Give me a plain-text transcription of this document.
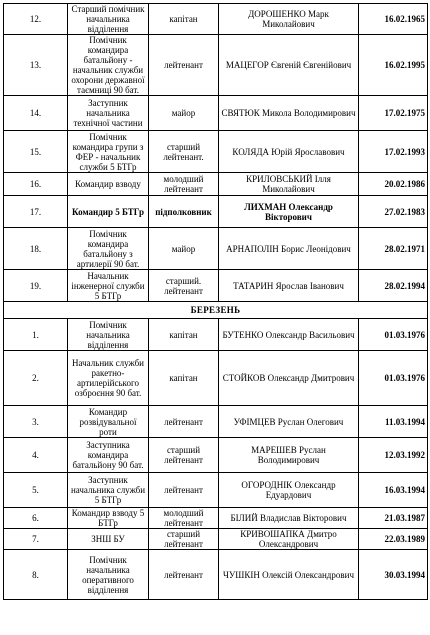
12.	Старший помічник начальника відділення	капітан	ДОРОШЕНКО Марк Миколайович	16.02.1965
13.	Помічник командира батальйону - начальник служби охорони державної таємниці 90 бат.	лейтенант	МАЦЕГОР Євгеній Євгенійович	16.02.1995
14.	Заступник начальника технічної частини	майор	СВЯТЮК Микола Володимирович	17.02.1975
15.	Помічник командира групи з ФЕР - начальник служби 5 БТГр	старший лейтенант.	КОЛЯДА Юрій Ярославович	17.02.1993
16.	Командир взводу	молодший лейтенант	КРИЛОВСЬКИЙ Ілля Миколайович	20.02.1986
17.	Командир 5 БТГр	підполковник	ЛИХМАН Олександр Вікторович	27.02.1983
18.	Помічник командира батальйону з артилерії 90 бат.	майор	АРНАПОЛІН Борис Леонідович	28.02.1971
19.	Начальник інженерної служби 5 БТГр	старший. лейтенант	ТАТАРИН Ярослав Іванович	28.02.1994
БЕРЕЗЕНЬ				
1.	Помічник начальника відділення	капітан	БУТЕНКО Олександр Васильович	01.03.1976
2.	Начальник служби ракетно-артилерійського озброєння 90 бат.	капітан	СТОЙКОВ Олександр Дмитрович	01.03.1976
3.	Командир розвідувальної роти	лейтенант	УФІМЦЕВ Руслан Олегович	11.03.1994
4.	Заступника командира батальйону 90 бат.	старший лейтенант	МАРЕШЕВ Руслан Володимирович	12.03.1992
5.	Заступник начальника служби 5 БТГр	лейтенант	ОГОРОДНІК Олександр Едуардович	16.03.1994
6.	Командир взводу 5 БТГр	молодший лейтенант	БІЛИЙ Владислав Вікторович	21.03.1987
7.	ЗНШ БУ	старший лейтенант	КРИВОШАПКА Дмитро Олександрович	22.03.1989
8.	Помічник начальника оперативного відділення	лейтенант	ЧУШКІН Олексій Олександрович	30.03.1994
